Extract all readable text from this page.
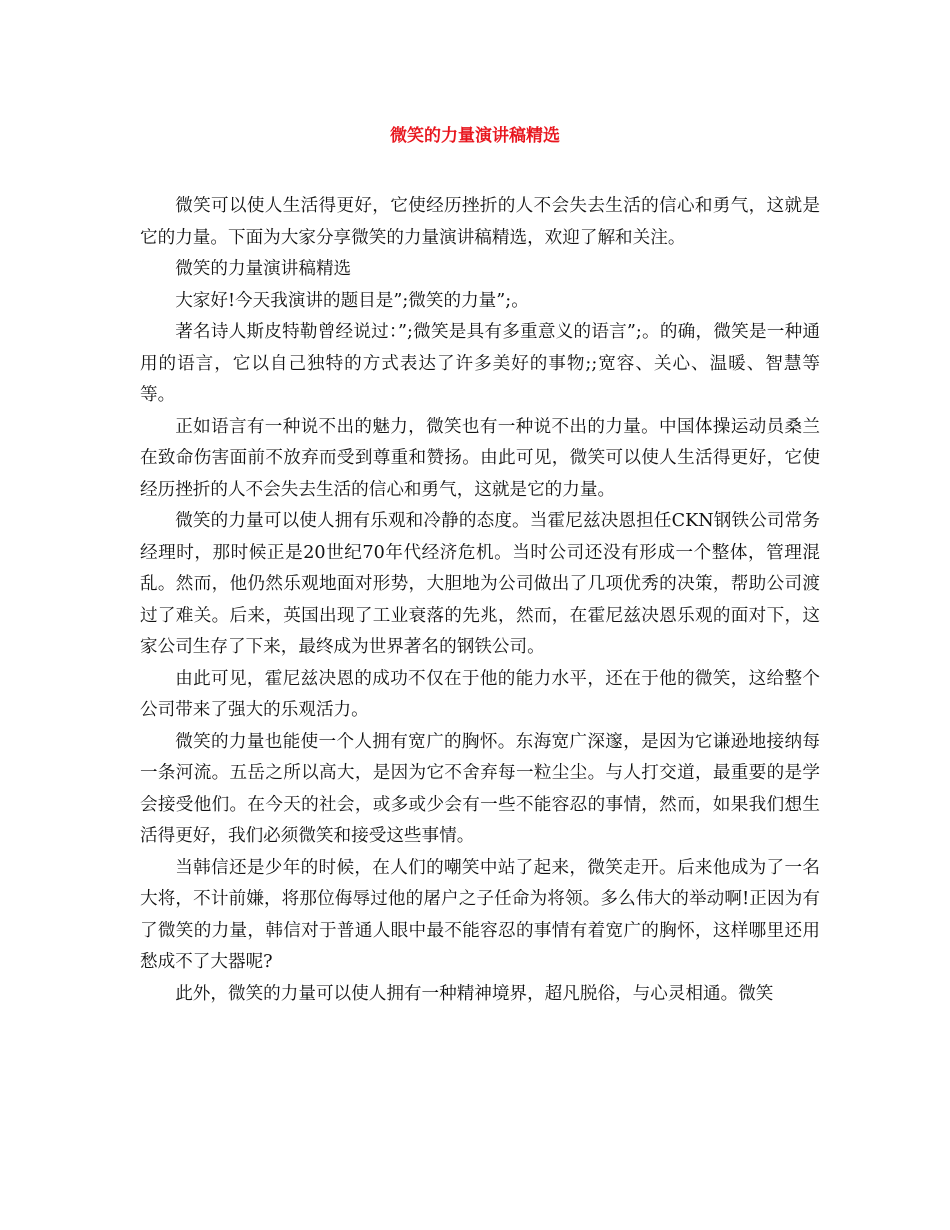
微笑的力量演讲稿精选

微笑可以使人生活得更好，它使经历挫折的人不会失去生活的信心和勇气，这就是它的力量。下面为大家分享微笑的力量演讲稿精选，欢迎了解和关注。

微笑的力量演讲稿精选

大家好!今天我演讲的题目是”;微笑的力量”;。

著名诗人斯皮特勒曾经说过：”;微笑是具有多重意义的语言”;。的确，微笑是一种通用的语言，它以自己独特的方式表达了许多美好的事物;;宽容、关心、温暖、智慧等等。

正如语言有一种说不出的魅力，微笑也有一种说不出的力量。中国体操运动员桑兰在致命伤害面前不放弃而受到尊重和赞扬。由此可见，微笑可以使人生活得更好，它使经历挫折的人不会失去生活的信心和勇气，这就是它的力量。

微笑的力量可以使人拥有乐观和冷静的态度。当霍尼兹决恩担任CKN钢铁公司常务经理时，那时候正是20世纪70年代经济危机。当时公司还没有形成一个整体，管理混乱。然而，他仍然乐观地面对形势，大胆地为公司做出了几项优秀的决策，帮助公司渡过了难关。后来，英国出现了工业衰落的先兆，然而，在霍尼兹决恩乐观的面对下，这家公司生存了下来，最终成为世界著名的钢铁公司。

由此可见，霍尼兹决恩的成功不仅在于他的能力水平，还在于他的微笑，这给整个公司带来了强大的乐观活力。

微笑的力量也能使一个人拥有宽广的胸怀。东海宽广深邃，是因为它谦逊地接纳每一条河流。五岳之所以高大，是因为它不舍弃每一粒尘尘。与人打交道，最重要的是学会接受他们。在今天的社会，或多或少会有一些不能容忍的事情，然而，如果我们想生活得更好，我们必须微笑和接受这些事情。

当韩信还是少年的时候，在人们的嘲笑中站了起来，微笑走开。后来他成为了一名大将，不计前嫌，将那位侮辱过他的屠户之子任命为将领。多么伟大的举动啊!正因为有了微笑的力量，韩信对于普通人眼中最不能容忍的事情有着宽广的胸怀，这样哪里还用愁成不了大器呢?

此外，微笑的力量可以使人拥有一种精神境界，超凡脱俗，与心灵相通。微笑
